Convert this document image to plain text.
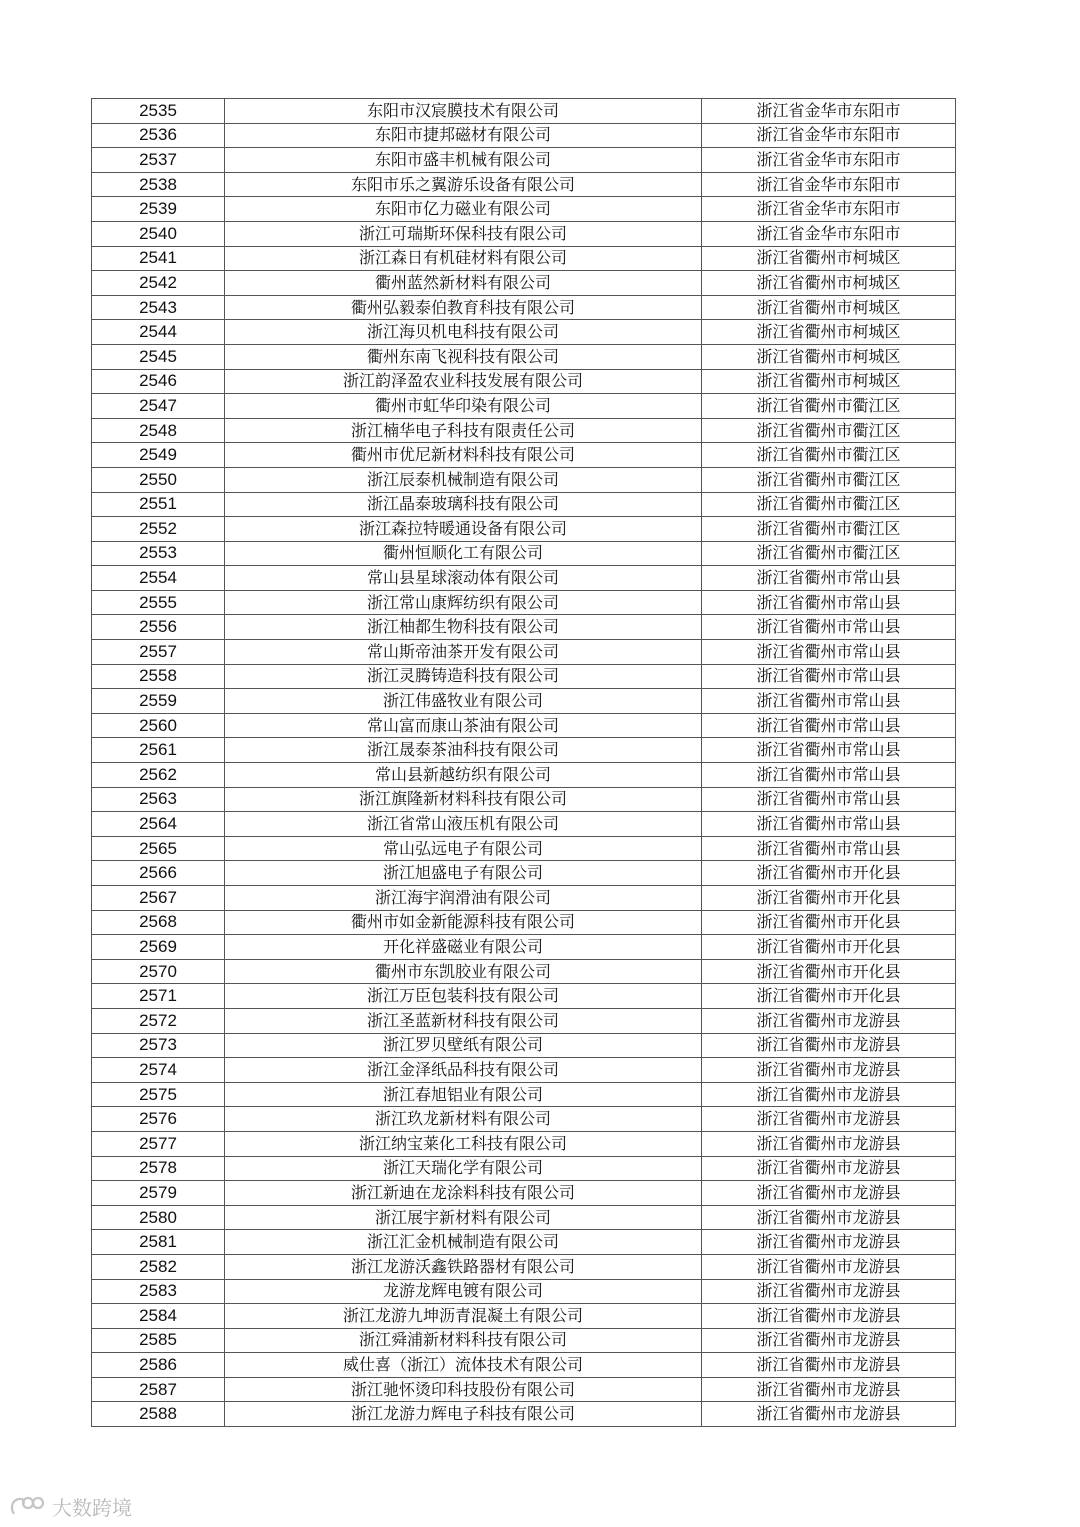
2535	东阳市汉宸膜技术有限公司	浙江省金华市东阳市
2536	东阳市捷邦磁材有限公司	浙江省金华市东阳市
2537	东阳市盛丰机械有限公司	浙江省金华市东阳市
2538	东阳市乐之翼游乐设备有限公司	浙江省金华市东阳市
2539	东阳市亿力磁业有限公司	浙江省金华市东阳市
2540	浙江可瑞斯环保科技有限公司	浙江省金华市东阳市
2541	浙江森日有机硅材料有限公司	浙江省衢州市柯城区
2542	衢州蓝然新材料有限公司	浙江省衢州市柯城区
2543	衢州弘毅泰伯教育科技有限公司	浙江省衢州市柯城区
2544	浙江海贝机电科技有限公司	浙江省衢州市柯城区
2545	衢州东南飞视科技有限公司	浙江省衢州市柯城区
2546	浙江韵泽盈农业科技发展有限公司	浙江省衢州市柯城区
2547	衢州市虹华印染有限公司	浙江省衢州市衢江区
2548	浙江楠华电子科技有限责任公司	浙江省衢州市衢江区
2549	衢州市优尼新材料科技有限公司	浙江省衢州市衢江区
2550	浙江辰泰机械制造有限公司	浙江省衢州市衢江区
2551	浙江晶泰玻璃科技有限公司	浙江省衢州市衢江区
2552	浙江森拉特暖通设备有限公司	浙江省衢州市衢江区
2553	衢州恒顺化工有限公司	浙江省衢州市衢江区
2554	常山县星球滚动体有限公司	浙江省衢州市常山县
2555	浙江常山康辉纺织有限公司	浙江省衢州市常山县
2556	浙江柚都生物科技有限公司	浙江省衢州市常山县
2557	常山斯帝油茶开发有限公司	浙江省衢州市常山县
2558	浙江灵腾铸造科技有限公司	浙江省衢州市常山县
2559	浙江伟盛牧业有限公司	浙江省衢州市常山县
2560	常山富而康山茶油有限公司	浙江省衢州市常山县
2561	浙江晟泰茶油科技有限公司	浙江省衢州市常山县
2562	常山县新越纺织有限公司	浙江省衢州市常山县
2563	浙江旗隆新材料科技有限公司	浙江省衢州市常山县
2564	浙江省常山液压机有限公司	浙江省衢州市常山县
2565	常山弘远电子有限公司	浙江省衢州市常山县
2566	浙江旭盛电子有限公司	浙江省衢州市开化县
2567	浙江海宇润滑油有限公司	浙江省衢州市开化县
2568	衢州市如金新能源科技有限公司	浙江省衢州市开化县
2569	开化祥盛磁业有限公司	浙江省衢州市开化县
2570	衢州市东凯胶业有限公司	浙江省衢州市开化县
2571	浙江万臣包装科技有限公司	浙江省衢州市开化县
2572	浙江圣蓝新材科技有限公司	浙江省衢州市龙游县
2573	浙江罗贝壁纸有限公司	浙江省衢州市龙游县
2574	浙江金泽纸品科技有限公司	浙江省衢州市龙游县
2575	浙江春旭铝业有限公司	浙江省衢州市龙游县
2576	浙江玖龙新材料有限公司	浙江省衢州市龙游县
2577	浙江纳宝莱化工科技有限公司	浙江省衢州市龙游县
2578	浙江天瑞化学有限公司	浙江省衢州市龙游县
2579	浙江新迪在龙涂料科技有限公司	浙江省衢州市龙游县
2580	浙江展宇新材料有限公司	浙江省衢州市龙游县
2581	浙江汇金机械制造有限公司	浙江省衢州市龙游县
2582	浙江龙游沃鑫铁路器材有限公司	浙江省衢州市龙游县
2583	龙游龙辉电镀有限公司	浙江省衢州市龙游县
2584	浙江龙游九坤沥青混凝土有限公司	浙江省衢州市龙游县
2585	浙江舜浦新材料科技有限公司	浙江省衢州市龙游县
2586	威仕喜（浙江）流体技术有限公司	浙江省衢州市龙游县
2587	浙江驰怀烫印科技股份有限公司	浙江省衢州市龙游县
2588	浙江龙游力辉电子科技有限公司	浙江省衢州市龙游县
大数跨境
